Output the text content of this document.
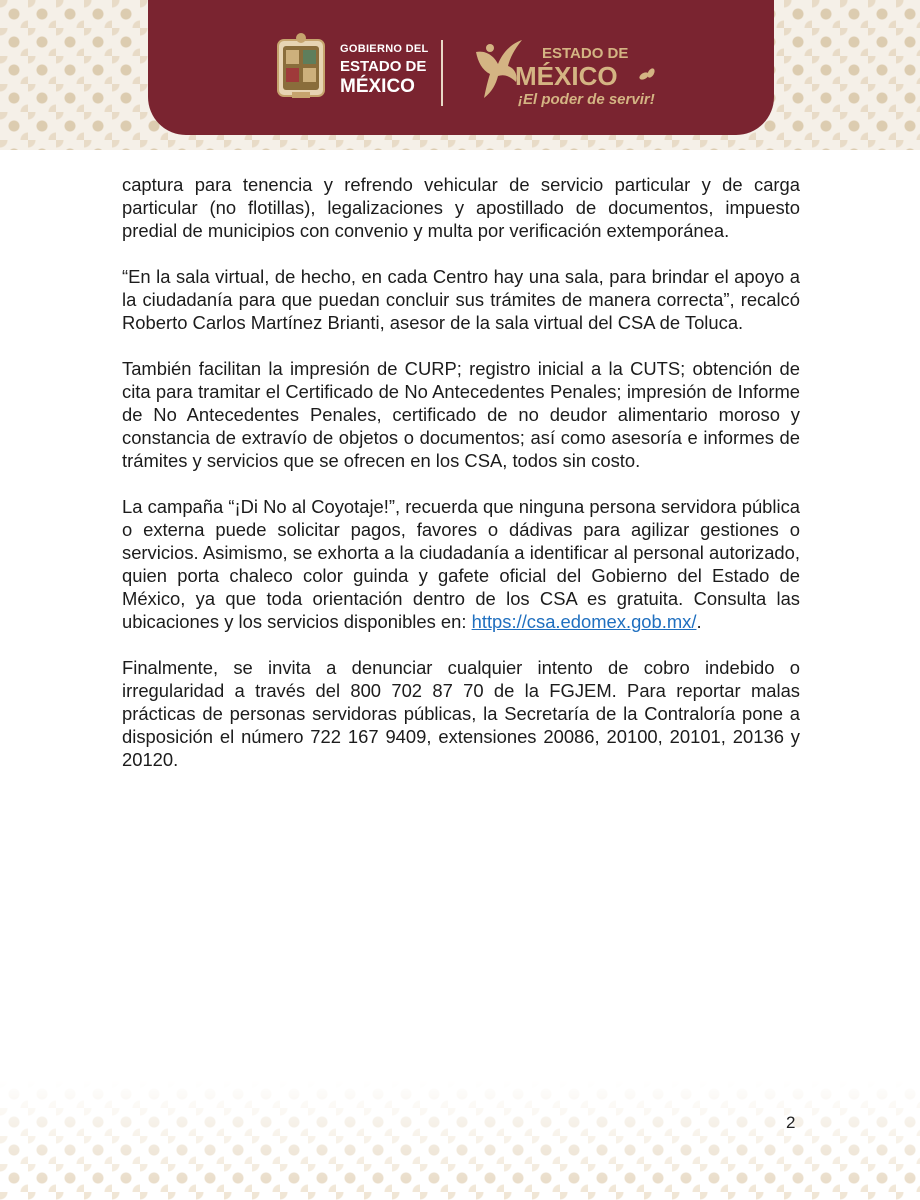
GOBIERNO DEL
ESTADO DE
MÉXICO
ESTADO DE
MÉXICO
¡El poder de servir!

captura para tenencia y refrendo vehicular de servicio particular y de carga particular (no flotillas), legalizaciones y apostillado de documentos, impuesto predial de municipios con convenio y multa por verificación extemporánea.

“En la sala virtual, de hecho, en cada Centro hay una sala, para brindar el apoyo a la ciudadanía para que puedan concluir sus trámites de manera correcta”, recalcó Roberto Carlos Martínez Brianti, asesor de la sala virtual del CSA de Toluca.

También facilitan la impresión de CURP; registro inicial a la CUTS; obtención de cita para tramitar el Certificado de No Antecedentes Penales; impresión de Informe de No Antecedentes Penales, certificado de no deudor alimentario moroso y constancia de extravío de objetos o documentos; así como asesoría e informes de trámites y servicios que se ofrecen en los CSA, todos sin costo.

La campaña “¡Di No al Coyotaje!”, recuerda que ninguna persona servidora pública o externa puede solicitar pagos, favores o dádivas para agilizar gestiones o servicios. Asimismo, se exhorta a la ciudadanía a identificar al personal autorizado, quien porta chaleco color guinda y gafete oficial del Gobierno del Estado de México, ya que toda orientación dentro de los CSA es gratuita. Consulta las ubicaciones y los servicios disponibles en: https://csa.edomex.gob.mx/.

Finalmente, se invita a denunciar cualquier intento de cobro indebido o irregularidad a través del 800 702 87 70 de la FGJEM. Para reportar malas prácticas de personas servidoras públicas, la Secretaría de la Contraloría pone a disposición el número 722 167 9409, extensiones 20086, 20100, 20101, 20136 y 20120.

2
